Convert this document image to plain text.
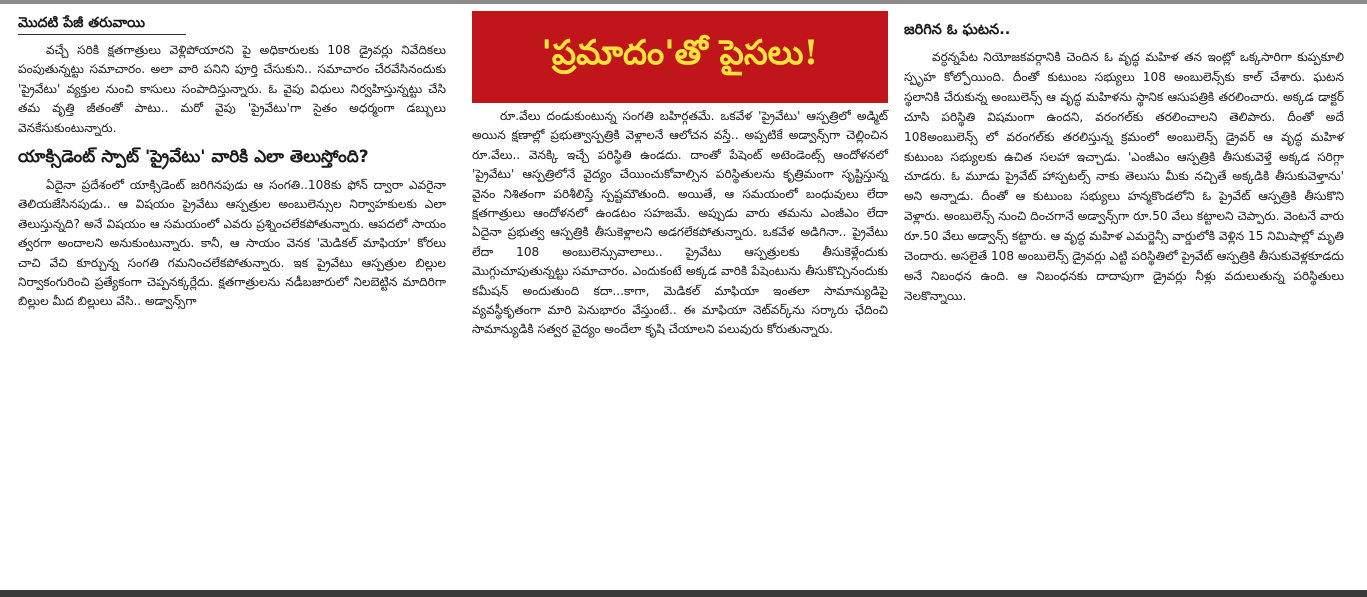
మొదటి పేజీ తరువాయి

వచ్చే సరికి క్షతగాత్రులు వెళ్లిపోయారని పై అధికారులకు 108 డ్రైవర్లు నివేదికలు పంపుతున్నట్టు సమాచారం. అలా వారి పనిని పూర్తి చేసుకుని.. సమాచారం చేరవేసినందుకు 'ప్రైవేటు' వ్యక్తుల నుంచి కాసులు సంపాదిస్తున్నారు. ఓ వైపు విధులు నిర్వహిస్తున్నట్టు చేసి తమ వృత్తి జీతంతో పాటు.. మరో వైపు 'ప్రైవేటు'గా సైతం అధర్మంగా డబ్బులు వెనకేసుకుంటున్నారు.

యాక్సిడెంట్ స్పాట్ 'ప్రైవేటు' వారికి ఎలా తెలుస్తోంది?

ఏదైనా ప్రదేశంలో యాక్సిడెంట్ జరిగినపుడు ఆ సంగతి..108కు ఫోన్ ద్వారా ఎవరైనా తెలియజేసినపుడు.. ఆ విషయం ప్రైవేటు ఆస్పత్రుల అంబులెన్సుల నిర్వాహకులకు ఎలా తెలుస్తున్నది? అనే విషయం ఆ సమయంలో ఎవరు ప్రశ్నించలేకపోతున్నారు. ఆపదలో సాయం త్వరగా అందాలని అనుకుంటున్నారు. కానీ, ఆ సాయం వెనక 'మెడికల్ మాఫియా' కోరలు చాచి వేచి కూర్చున్న సంగతి గమనించలేకపోతున్నారు. ఇక ప్రైవేటు ఆస్పత్రుల బిల్లుల నిర్వాకంగురించి ప్రత్యేకంగా చెప్పనక్కర్లేదు. క్షతగాత్రులను నడీబజారులో నిలబెట్టిన మాదిరిగా బిల్లుల మీద బిల్లులు వేసి.. అడ్వాన్స్‌గా

'ప్రమాదం'తో పైసలు!

రూ.వేలు దండుకుంటున్న సంగతి బహిర్గతమే. ఒకవేళ 'ప్రైవేటు' ఆస్పత్రిలో అడ్మిట్ అయిన క్షణాల్లో ప్రభుత్వాస్పత్రికి వెళ్లాలనే ఆలోచన వస్తే.. అప్పటికే అడ్వాన్స్‌గా చెల్లించిన రూ.వేలు.. వెనక్కి ఇచ్చే పరిస్థితి ఉండదు. దాంతో పేషెంట్ అటెండెంట్స్ ఆందోళనలో 'ప్రైవేటు' ఆస్పత్రిలోనే వైద్యం చేయించుకోవాల్సిన పరిస్థితులను కృత్రిమంగా సృష్టిస్తున్న వైనం నిశితంగా పరిశీలిస్తే స్పష్టమౌతుంది. అయితే, ఆ సమయంలో బంధువులు లేదా క్షతగాత్రులు ఆందోళనలో ఉండటం సహజమే. అప్పుడు వారు తమను ఎంజీఎం లేదా ఏదైనా ప్రభుత్వ ఆస్పత్రికి తీసుకెళ్లాలని అడగలేకపోతున్నారు. ఒకవేళ అడిగినా.. ప్రైవేటు లేదా 108 అంబులెన్సువాలాలు.. ప్రైవేటు ఆస్పత్రులకు తీసుకెళ్లేందుకు మొగ్గుచూపుతున్నట్టు సమాచారం. ఎందుకంటే అక్కడ వారికి పేషెంటును తీసుకొచ్చినందుకు కమీషన్ అందుతుంది కదా...కాగా, మెడికల్ మాఫియా ఇంతలా సామాన్యుడిపై వ్యవస్థీకృతంగా మారి పెనుభారం వేస్తుంటే.. ఈ మాఫియా నెట్‌వర్క్‌ను సర్కారు ఛేదించి సామాన్యుడికి సత్వర వైద్యం అందేలా కృషి చేయాలని పలువురు కోరుతున్నారు.

జరిగిన ఓ ఘటన..

వర్ధన్నపేట నియోజకవర్గానికి చెందిన ఓ వృద్ధ మహిళ తన ఇంట్లో ఒక్కసారిగా కుప్పకూలి స్పృహ కోల్పోయింది. దీంతో కుటుంబ సభ్యులు 108 అంబులెన్స్‌కు కాల్ చేశారు. ఘటన స్థలానికి చేరుకున్న అంబులెన్స్ ఆ వృద్ధ మహిళను స్థానిక ఆసుపత్రికి తరలించారు. అక్కడ డాక్టర్ చూసి పరిస్థితి విషమంగా ఉందని, వరంగల్‌కు తరలించాలని తెలిపారు. దీంతో అదే 108అంబులెన్స్ లో వరంగల్‌కు తరలిస్తున్న క్రమంలో అంబులెన్స్ డ్రైవర్ ఆ వృద్ధ మహిళ కుటుంబ సభ్యులకు ఉచిత సలహా ఇచ్చాడు. 'ఎంజీఎం ఆస్పత్రికి తీసుకువెళ్తే అక్కడ సరిగ్గా చూడరు. ఓ మూడు ప్రైవేట్ హాస్పటల్స్ నాకు తెలుసు మీకు నచ్చితే అక్కడికి తీసుకువెళ్తాను' అని అన్నాడు. దీంతో ఆ కుటుంబ సభ్యులు హన్మకొండలోని ఓ ప్రైవేట్ ఆస్పత్రికి తీసుకొని వెళ్లారు. అంబులెన్స్ నుంచి దించగానే అడ్వాన్స్‌గా రూ.50 వేలు కట్టాలని చెప్పారు. వెంటనే వారు రూ.50 వేలు అడ్వాన్స్ కట్టారు. ఆ వృద్ధ మహిళ ఎమర్జెన్సీ వార్డులోకి వెళ్లిన 15 నిమిషాల్లో మృతి చెందారు. అసలైతే 108 అంబులెన్స్ డ్రైవర్లు ఎట్టి పరిస్థితిలో ప్రైవేట్ ఆస్పత్రికి తీసుకువెళ్లకూడదు అనే నిబంధన ఉంది. ఆ నిబంధనకు దాదాపుగా డ్రైవర్లు నీళ్లు వదులుతున్న పరిస్థితులు నెలకొన్నాయి.
